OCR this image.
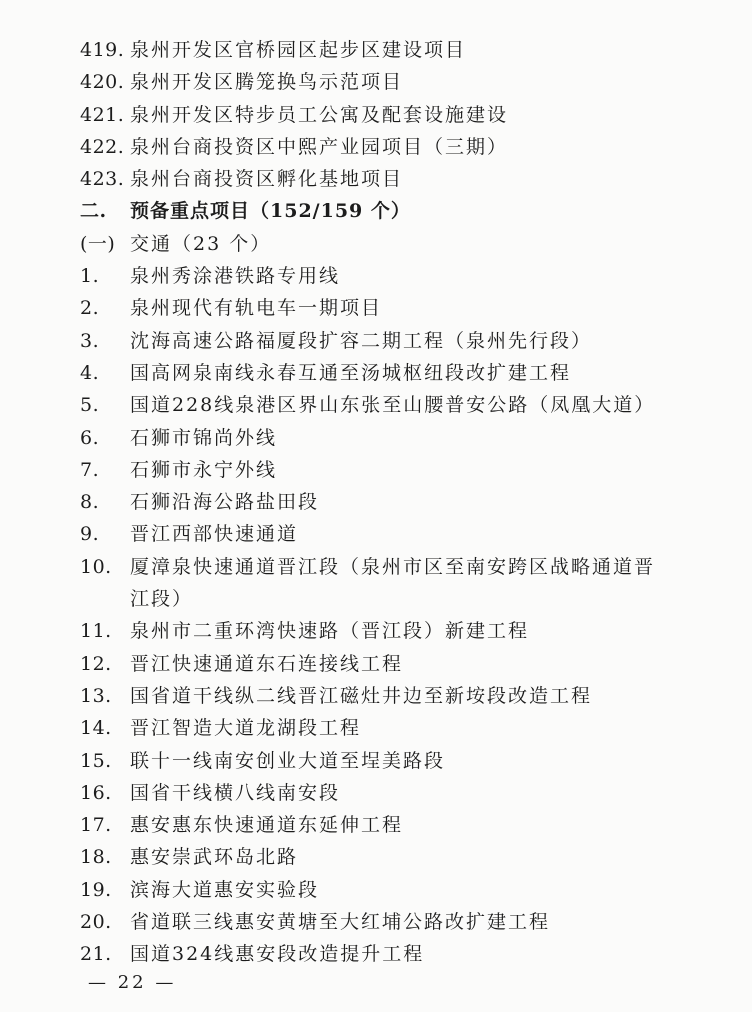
419. 泉州开发区官桥园区起步区建设项目
420. 泉州开发区腾笼换鸟示范项目
421. 泉州开发区特步员工公寓及配套设施建设
422. 泉州台商投资区中熙产业园项目（三期）
423. 泉州台商投资区孵化基地项目
二.	预备重点项目（152/159 个）
(一) 交通（23 个）
1.	泉州秀涂港铁路专用线
2.	泉州现代有轨电车一期项目
3.	沈海高速公路福厦段扩容二期工程（泉州先行段）
4.	国高网泉南线永春互通至汤城枢纽段改扩建工程
5.	国道228线泉港区界山东张至山腰普安公路（凤凰大道）
6.	石狮市锦尚外线
7.	石狮市永宁外线
8.	石狮沿海公路盐田段
9.	晋江西部快速通道
10. 厦漳泉快速通道晋江段（泉州市区至南安跨区战略通道晋江段）
11. 泉州市二重环湾快速路（晋江段）新建工程
12. 晋江快速通道东石连接线工程
13. 国省道干线纵二线晋江磁灶井边至新垵段改造工程
14. 晋江智造大道龙湖段工程
15. 联十一线南安创业大道至埕美路段
16. 国省干线横八线南安段
17. 惠安惠东快速通道东延伸工程
18. 惠安崇武环岛北路
19. 滨海大道惠安实验段
20. 省道联三线惠安黄塘至大红埔公路改扩建工程
21. 国道324线惠安段改造提升工程
— 22 —
